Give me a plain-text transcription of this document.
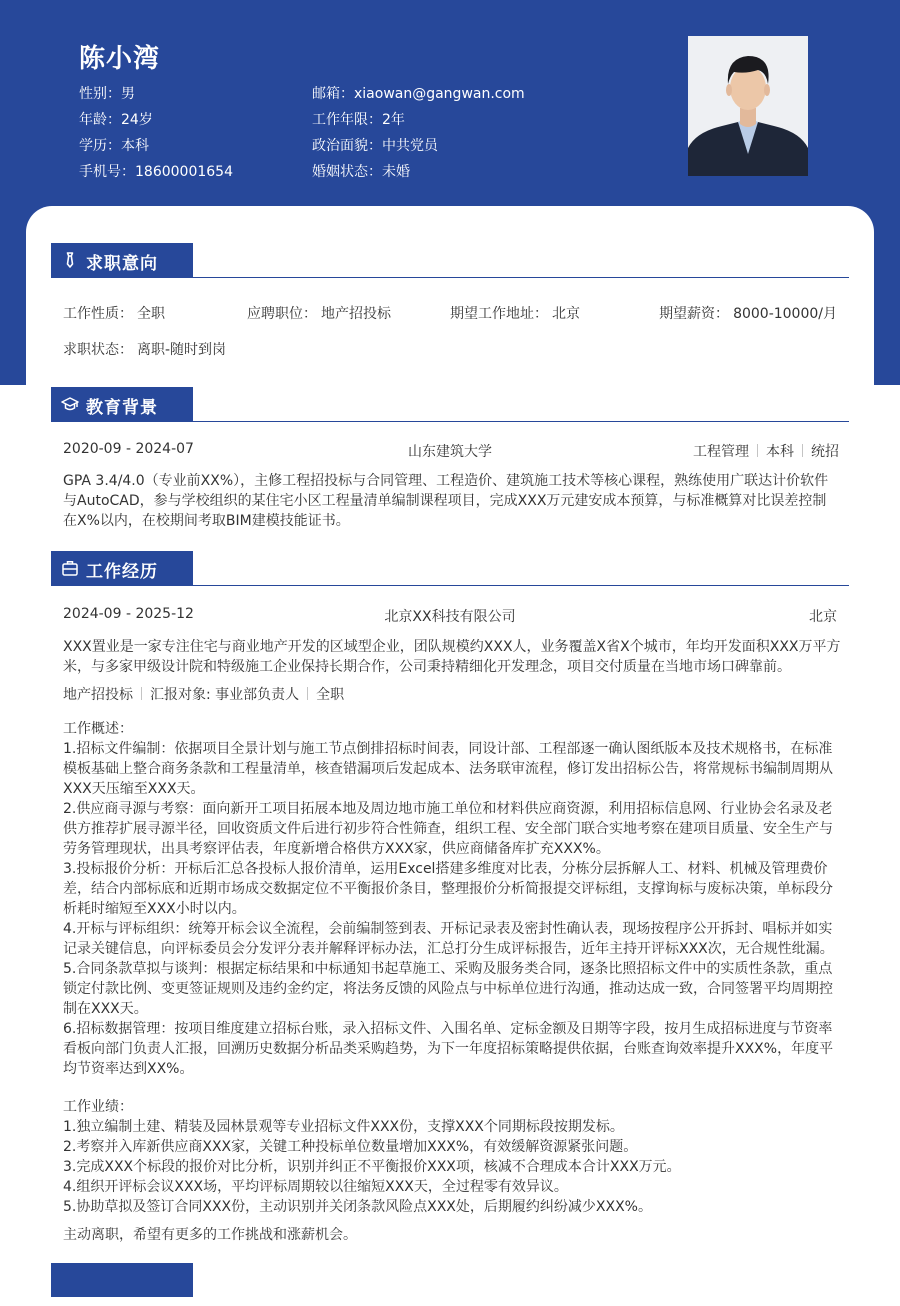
陈小湾
性别：男
年龄：24岁
学历：本科
手机号：18600001654
邮箱：xiaowan@gangwan.com
工作年限：2年
政治面貌：中共党员
婚姻状态：未婚
求职意向
工作性质： 全职	应聘职位： 地产招投标	期望工作地址： 北京	期望薪资： 8000-10000/月
求职状态： 离职-随时到岗
教育背景
2020-09 - 2024-07	山东建筑大学	工程管理 本科 统招
GPA 3.4/4.0（专业前XX%），主修工程招投标与合同管理、工程造价、建筑施工技术等核心课程，熟练使用广联达计价软件
与AutoCAD，参与学校组织的某住宅小区工程量清单编制课程项目，完成XXX万元建安成本预算，与标准概算对比误差控制
在X%以内，在校期间考取BIM建模技能证书。
工作经历
2024-09 - 2025-12	北京XX科技有限公司	北京
XXX置业是一家专注住宅与商业地产开发的区域型企业，团队规模约XXX人，业务覆盖X省X个城市，年均开发面积XXX万平方
米，与多家甲级设计院和特级施工企业保持长期合作，公司秉持精细化开发理念，项目交付质量在当地市场口碑靠前。
地产招投标 汇报对象: 事业部负责人 全职
工作概述：
1.招标文件编制：依据项目全景计划与施工节点倒排招标时间表，同设计部、工程部逐一确认图纸版本及技术规格书，在标准
模板基础上整合商务条款和工程量清单，核查错漏项后发起成本、法务联审流程，修订发出招标公告，将常规标书编制周期从
XXX天压缩至XXX天。
2.供应商寻源与考察：面向新开工项目拓展本地及周边地市施工单位和材料供应商资源，利用招标信息网、行业协会名录及老
供方推荐扩展寻源半径，回收资质文件后进行初步符合性筛查，组织工程、安全部门联合实地考察在建项目质量、安全生产与
劳务管理现状，出具考察评估表，年度新增合格供方XXX家，供应商储备库扩充XXX%。
3.投标报价分析：开标后汇总各投标人报价清单，运用Excel搭建多维度对比表，分栋分层拆解人工、材料、机械及管理费价
差，结合内部标底和近期市场成交数据定位不平衡报价条目，整理报价分析简报提交评标组，支撑询标与废标决策，单标段分
析耗时缩短至XXX小时以内。
4.开标与评标组织：统筹开标会议全流程，会前编制签到表、开标记录表及密封性确认表，现场按程序公开拆封、唱标并如实
记录关键信息，向评标委员会分发评分表并解释评标办法，汇总打分生成评标报告，近年主持开评标XXX次，无合规性纰漏。
5.合同条款草拟与谈判：根据定标结果和中标通知书起草施工、采购及服务类合同，逐条比照招标文件中的实质性条款，重点
锁定付款比例、变更签证规则及违约金约定，将法务反馈的风险点与中标单位进行沟通，推动达成一致，合同签署平均周期控
制在XXX天。
6.招标数据管理：按项目维度建立招标台账，录入招标文件、入围名单、定标金额及日期等字段，按月生成招标进度与节资率
看板向部门负责人汇报，回溯历史数据分析品类采购趋势，为下一年度招标策略提供依据，台账查询效率提升XXX%，年度平
均节资率达到XX%。
工作业绩：
1.独立编制土建、精装及园林景观等专业招标文件XXX份，支撑XXX个同期标段按期发标。
2.考察并入库新供应商XXX家，关键工种投标单位数量增加XXX%，有效缓解资源紧张问题。
3.完成XXX个标段的报价对比分析，识别并纠正不平衡报价XXX项，核减不合理成本合计XXX万元。
4.组织开评标会议XXX场，平均评标周期较以往缩短XXX天，全过程零有效异议。
5.协助草拟及签订合同XXX份，主动识别并关闭条款风险点XXX处，后期履约纠纷减少XXX%。
主动离职，希望有更多的工作挑战和涨薪机会。
